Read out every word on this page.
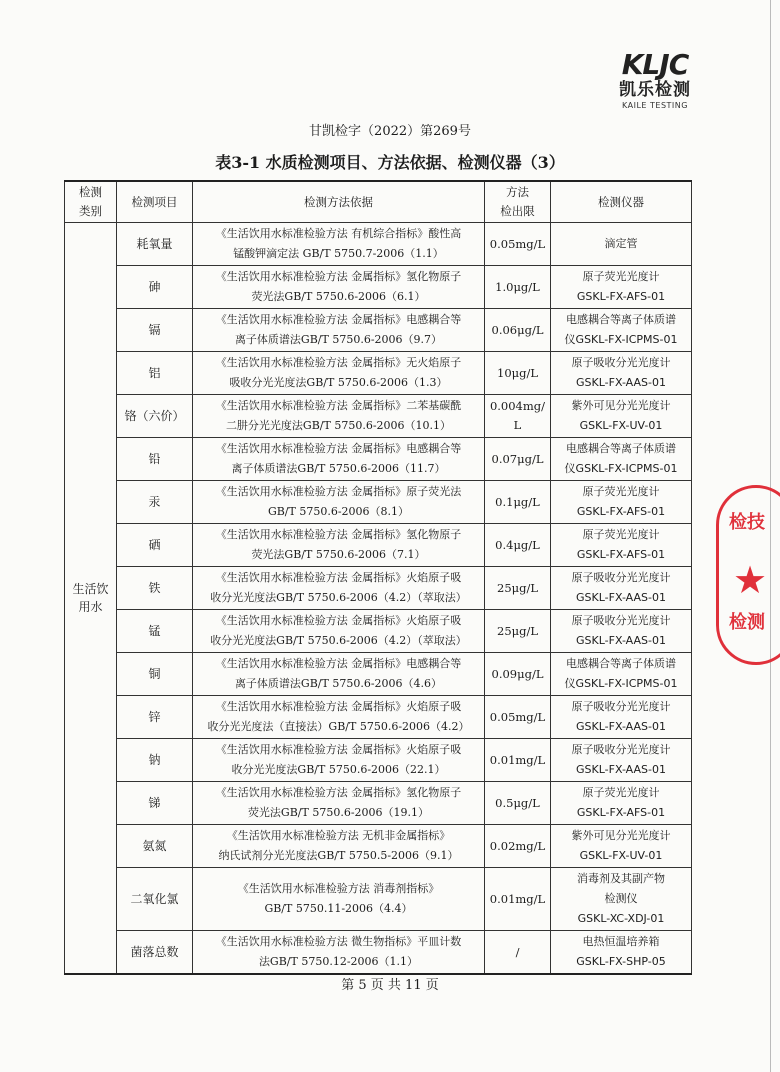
KLJC
凯乐检测
KAILE TESTING
甘凯检字（2022）第269号
表3-1 水质检测项目、方法依据、检测仪器（3）
检测
类别	检测项目	检测方法依据	方法
检出限	检测仪器

生活饮
用水	耗氧量	《生活饮用水标准检验方法 有机综合指标》酸性高
锰酸钾滴定法 GB/T 5750.7-2006（1.1）	0.05mg/L	滴定管

	砷	《生活饮用水标准检验方法 金属指标》氢化物原子
荧光法GB/T 5750.6-2006（6.1）	1.0μg/L	原子荧光光度计
GSKL-FX-AFS-01

	镉	《生活饮用水标准检验方法 金属指标》电感耦合等
离子体质谱法GB/T 5750.6-2006（9.7）	0.06μg/L	电感耦合等离子体质谱
仪GSKL-FX-ICPMS-01

	铝	《生活饮用水标准检验方法 金属指标》无火焰原子
吸收分光光度法GB/T 5750.6-2006（1.3）	10μg/L	原子吸收分光光度计
GSKL-FX-AAS-01

	铬（六价）	《生活饮用水标准检验方法 金属指标》二苯基碳酰
二肼分光光度法GB/T 5750.6-2006（10.1）	0.004mg/
L	紫外可见分光光度计
GSKL-FX-UV-01

	铅	《生活饮用水标准检验方法 金属指标》电感耦合等
离子体质谱法GB/T 5750.6-2006（11.7）	0.07μg/L	电感耦合等离子体质谱
仪GSKL-FX-ICPMS-01

	汞	《生活饮用水标准检验方法 金属指标》原子荧光法
GB/T 5750.6-2006（8.1）	0.1μg/L	原子荧光光度计
GSKL-FX-AFS-01

	硒	《生活饮用水标准检验方法 金属指标》氢化物原子
荧光法GB/T 5750.6-2006（7.1）	0.4μg/L	原子荧光光度计
GSKL-FX-AFS-01

	铁	《生活饮用水标准检验方法 金属指标》火焰原子吸
收分光光度法GB/T 5750.6-2006（4.2）（萃取法）	25μg/L	原子吸收分光光度计
GSKL-FX-AAS-01

	锰	《生活饮用水标准检验方法 金属指标》火焰原子吸
收分光光度法GB/T 5750.6-2006（4.2）（萃取法）	25μg/L	原子吸收分光光度计
GSKL-FX-AAS-01

	铜	《生活饮用水标准检验方法 金属指标》电感耦合等
离子体质谱法GB/T 5750.6-2006（4.6）	0.09μg/L	电感耦合等离子体质谱
仪GSKL-FX-ICPMS-01

	锌	《生活饮用水标准检验方法 金属指标》火焰原子吸
收分光光度法（直接法）GB/T 5750.6-2006（4.2）	0.05mg/L	原子吸收分光光度计
GSKL-FX-AAS-01

	钠	《生活饮用水标准检验方法 金属指标》火焰原子吸
收分光光度法GB/T 5750.6-2006（22.1）	0.01mg/L	原子吸收分光光度计
GSKL-FX-AAS-01

	锑	《生活饮用水标准检验方法 金属指标》氢化物原子
荧光法GB/T 5750.6-2006（19.1）	0.5μg/L	原子荧光光度计
GSKL-FX-AFS-01

	氨氮	《生活饮用水标准检验方法 无机非金属指标》
纳氏试剂分光光度法GB/T 5750.5-2006（9.1）	0.02mg/L	紫外可见分光光度计
GSKL-FX-UV-01

	二氧化氯	《生活饮用水标准检验方法 消毒剂指标》
GB/T 5750.11-2006（4.4）	0.01mg/L	消毒剂及其副产物
检测仪
GSKL-XC-XDJ-01

	菌落总数	《生活饮用水标准检验方法 微生物指标》平皿计数
法GB/T 5750.12-2006（1.1）	/	电热恒温培养箱
GSKL-FX-SHP-05
检技
★
检测
第 5 页 共 11 页
